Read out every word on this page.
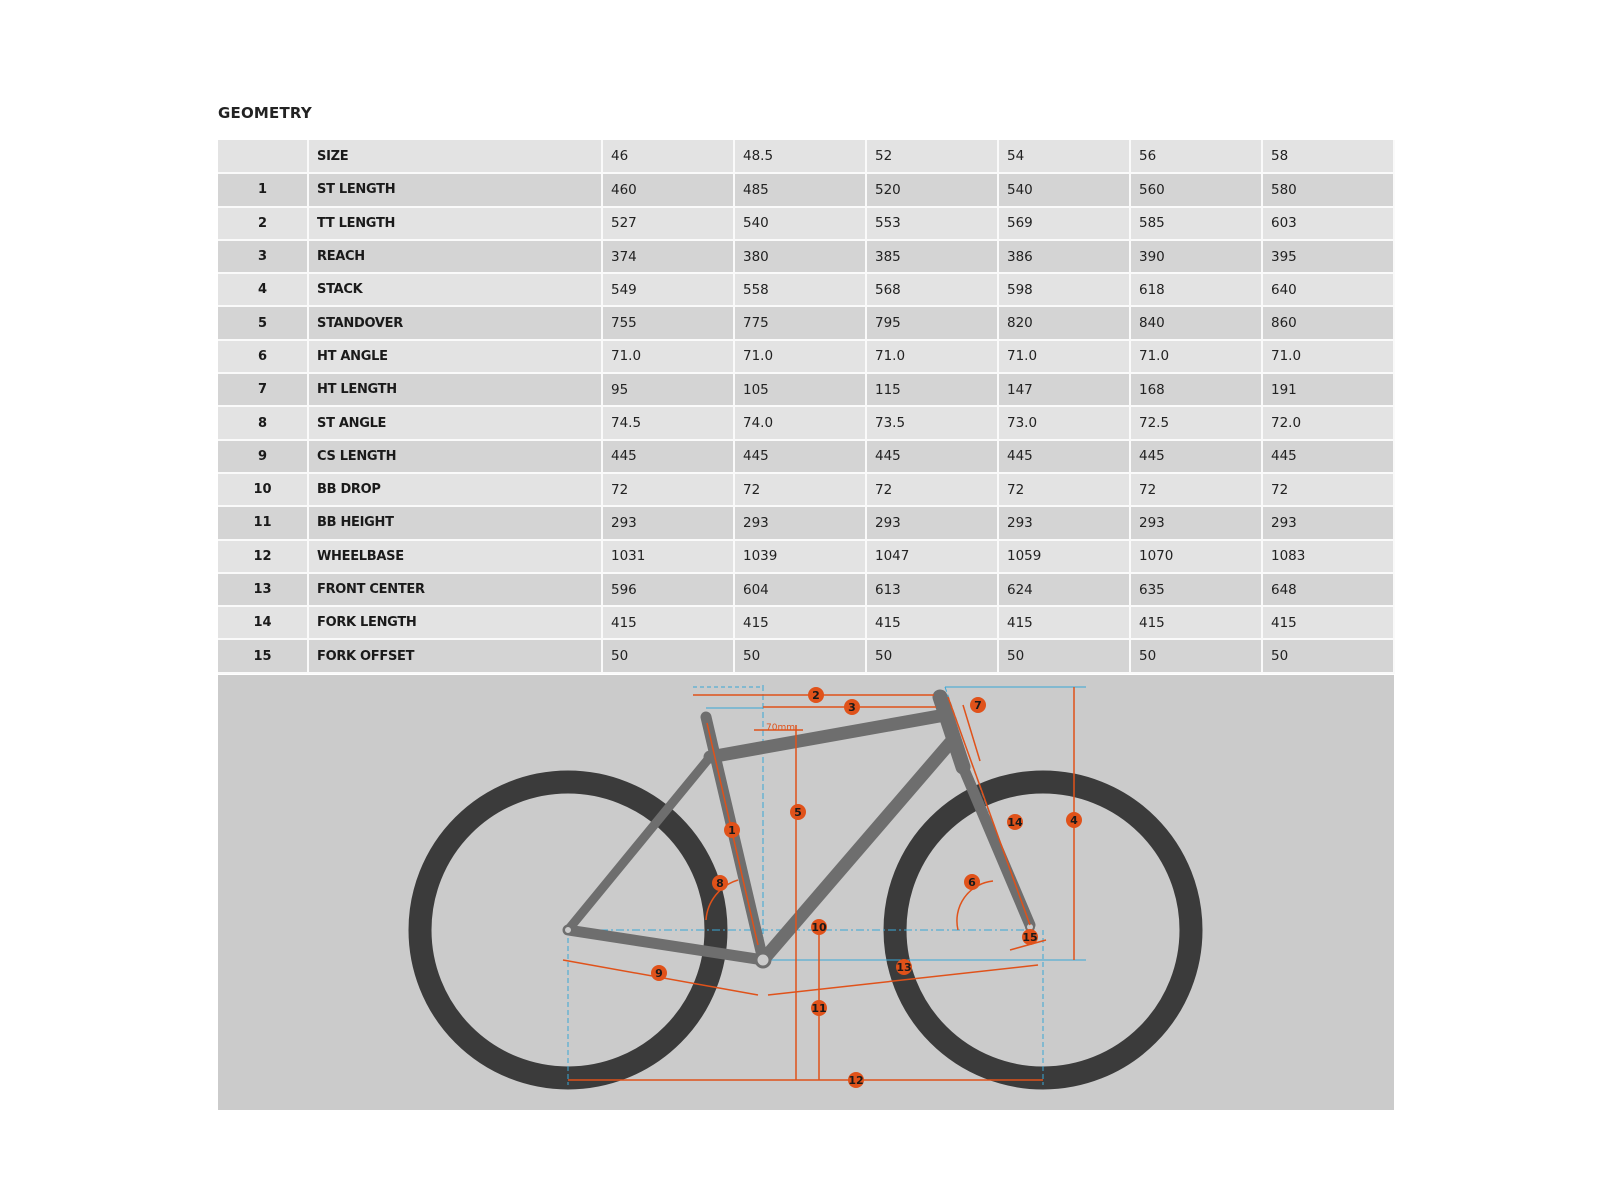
GEOMETRY
	SIZE	46	48.5	52	54	56	58
1	ST LENGTH	460	485	520	540	560	580
2	TT LENGTH	527	540	553	569	585	603
3	REACH	374	380	385	386	390	395
4	STACK	549	558	568	598	618	640
5	STANDOVER	755	775	795	820	840	860
6	HT ANGLE	71.0	71.0	71.0	71.0	71.0	71.0
7	HT LENGTH	95	105	115	147	168	191
8	ST ANGLE	74.5	74.0	73.5	73.0	72.5	72.0
9	CS LENGTH	445	445	445	445	445	445
10	BB DROP	72	72	72	72	72	72
11	BB HEIGHT	293	293	293	293	293	293
12	WHEELBASE	1031	1039	1047	1059	1070	1083
13	FRONT CENTER	596	604	613	624	635	648
14	FORK LENGTH	415	415	415	415	415	415
15	FORK OFFSET	50	50	50	50	50	50
70mm
1
2
3
4
5
6
7
8
9
10
11
12
13
14
15
